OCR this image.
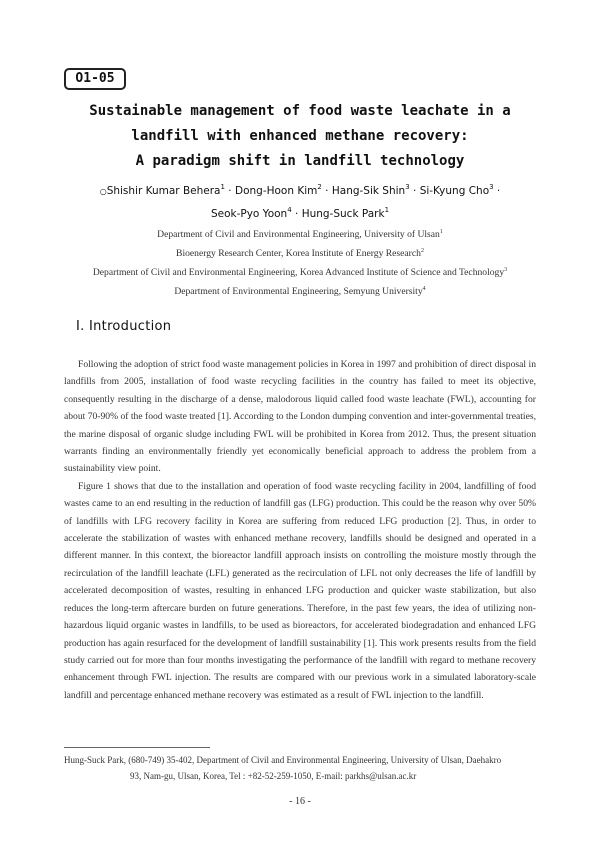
O1-05
Sustainable management of food waste leachate in a
landfill with enhanced methane recovery:
A paradigm shift in landfill technology
○Shishir Kumar Behera$^1$ · Dong-Hoon Kim$^2$ · Hang-Sik Shin$^3$ · Si-Kyung Cho$^3$ ·
Seok-Pyo Yoon$^4$ · Hung-Suck Park$^1$
Department of Civil and Environmental Engineering, University of Ulsan$^1$
Bioenergy Research Center, Korea Institute of Energy Research$^2$
Department of Civil and Environmental Engineering, Korea Advanced Institute of Science and Technology$^3$
Department of Environmental Engineering, Semyung University$^4$
Ⅰ. Introduction

Following the adoption of strict food waste management policies in Korea in 1997 and prohibition of direct disposal in landfills from 2005, installation of food waste recycling facilities in the country has failed to meet its objective, consequently resulting in the discharge of a dense, malodorous liquid called food waste leachate (FWL), accounting for about 70-90% of the food waste treated [1]. According to the London dumping convention and inter-governmental treaties, the marine disposal of organic sludge including FWL will be prohibited in Korea from 2012. Thus, the present situation warrants finding an environmentally friendly yet economically beneficial approach to address the problem from a sustainability view point.

Figure 1 shows that due to the installation and operation of food waste recycling facility in 2004, landfilling of food wastes came to an end resulting in the reduction of landfill gas (LFG) production. This could be the reason why over 50% of landfills with LFG recovery facility in Korea are suffering from reduced LFG production [2]. Thus, in order to accelerate the stabilization of wastes with enhanced methane recovery, landfills should be designed and operated in a different manner. In this context, the bioreactor landfill approach insists on controlling the moisture mostly through the recirculation of the landfill leachate (LFL) generated as the recirculation of LFL not only decreases the life of landfill by accelerated decomposition of wastes, resulting in enhanced LFG production and quicker waste stabilization, but also reduces the long-term aftercare burden on future generations. Therefore, in the past few years, the idea of utilizing non-hazardous liquid organic wastes in landfills, to be used as bioreactors, for accelerated biodegradation and enhanced LFG production has again resurfaced for the development of landfill sustainability [1]. This work presents results from the field study carried out for more than four months investigating the performance of the landfill with regard to methane recovery enhancement through FWL injection. The results are compared with our previous work in a simulated laboratory-scale landfill and percentage enhanced methane recovery was estimated as a result of FWL injection to the landfill.

Hung-Suck Park, (680-749) 35-402, Department of Civil and Environmental Engineering, University of Ulsan, Daehakro
93, Nam-gu, Ulsan, Korea, Tel : +82-52-259-1050, E-mail: parkhs@ulsan.ac.kr
- 16 -
